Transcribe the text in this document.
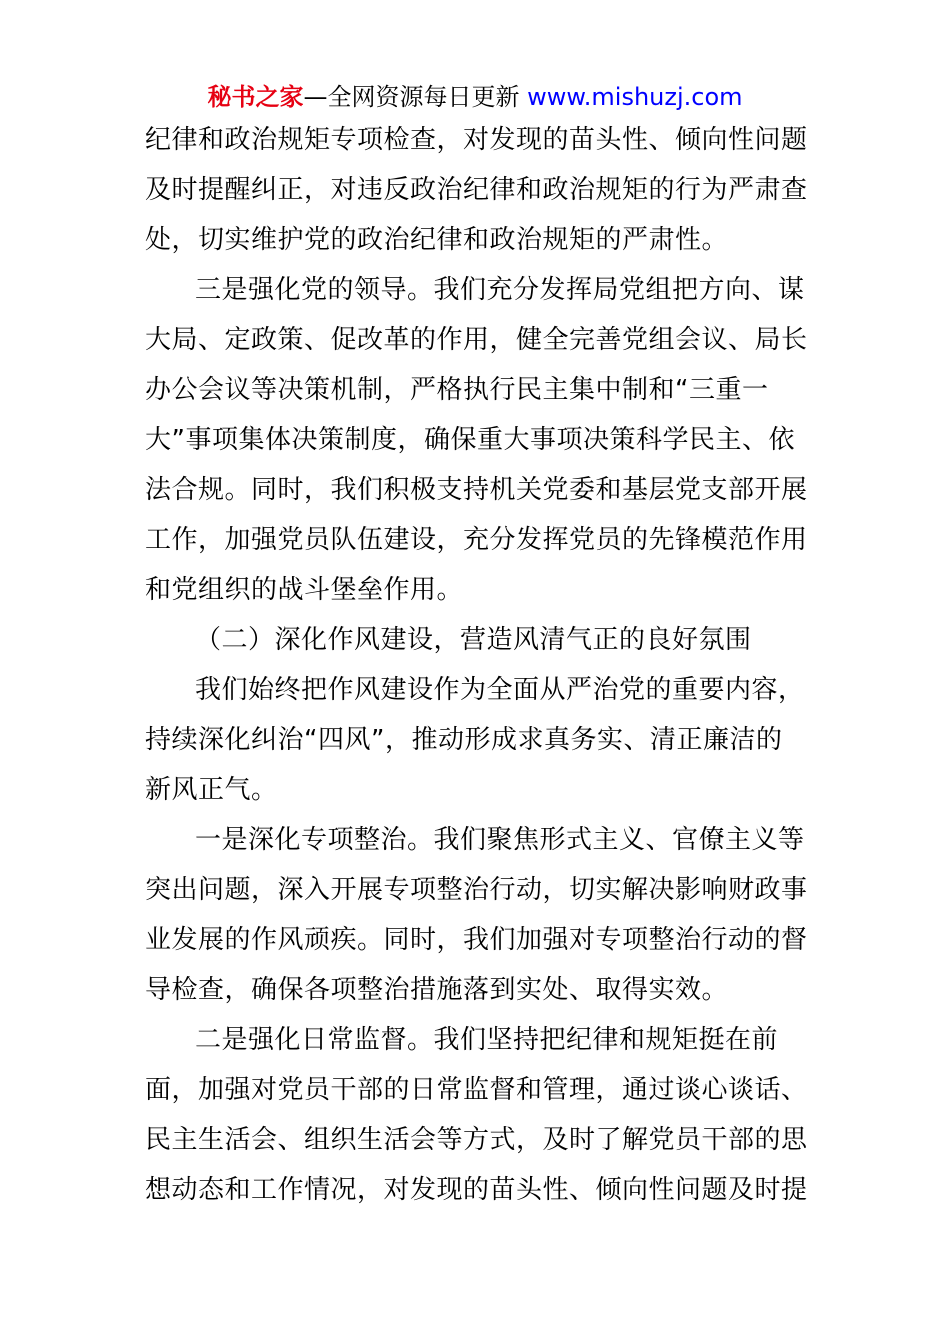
秘书之家—全网资源每日更新 www.mishuzj.com
纪律和政治规矩专项检查，对发现的苗头性、倾向性问题
及时提醒纠正，对违反政治纪律和政治规矩的行为严肃查
处，切实维护党的政治纪律和政治规矩的严肃性。
三是强化党的领导。我们充分发挥局党组把方向、谋
大局、定政策、促改革的作用，健全完善党组会议、局长
办公会议等决策机制，严格执行民主集中制和“三重一
大”事项集体决策制度，确保重大事项决策科学民主、依
法合规。同时，我们积极支持机关党委和基层党支部开展
工作，加强党员队伍建设，充分发挥党员的先锋模范作用
和党组织的战斗堡垒作用。
（二）深化作风建设，营造风清气正的良好氛围
我们始终把作风建设作为全面从严治党的重要内容，
持续深化纠治“四风”，推动形成求真务实、清正廉洁的
新风正气。
一是深化专项整治。我们聚焦形式主义、官僚主义等
突出问题，深入开展专项整治行动，切实解决影响财政事
业发展的作风顽疾。同时，我们加强对专项整治行动的督
导检查，确保各项整治措施落到实处、取得实效。
二是强化日常监督。我们坚持把纪律和规矩挺在前
面，加强对党员干部的日常监督和管理，通过谈心谈话、
民主生活会、组织生活会等方式，及时了解党员干部的思
想动态和工作情况，对发现的苗头性、倾向性问题及时提
